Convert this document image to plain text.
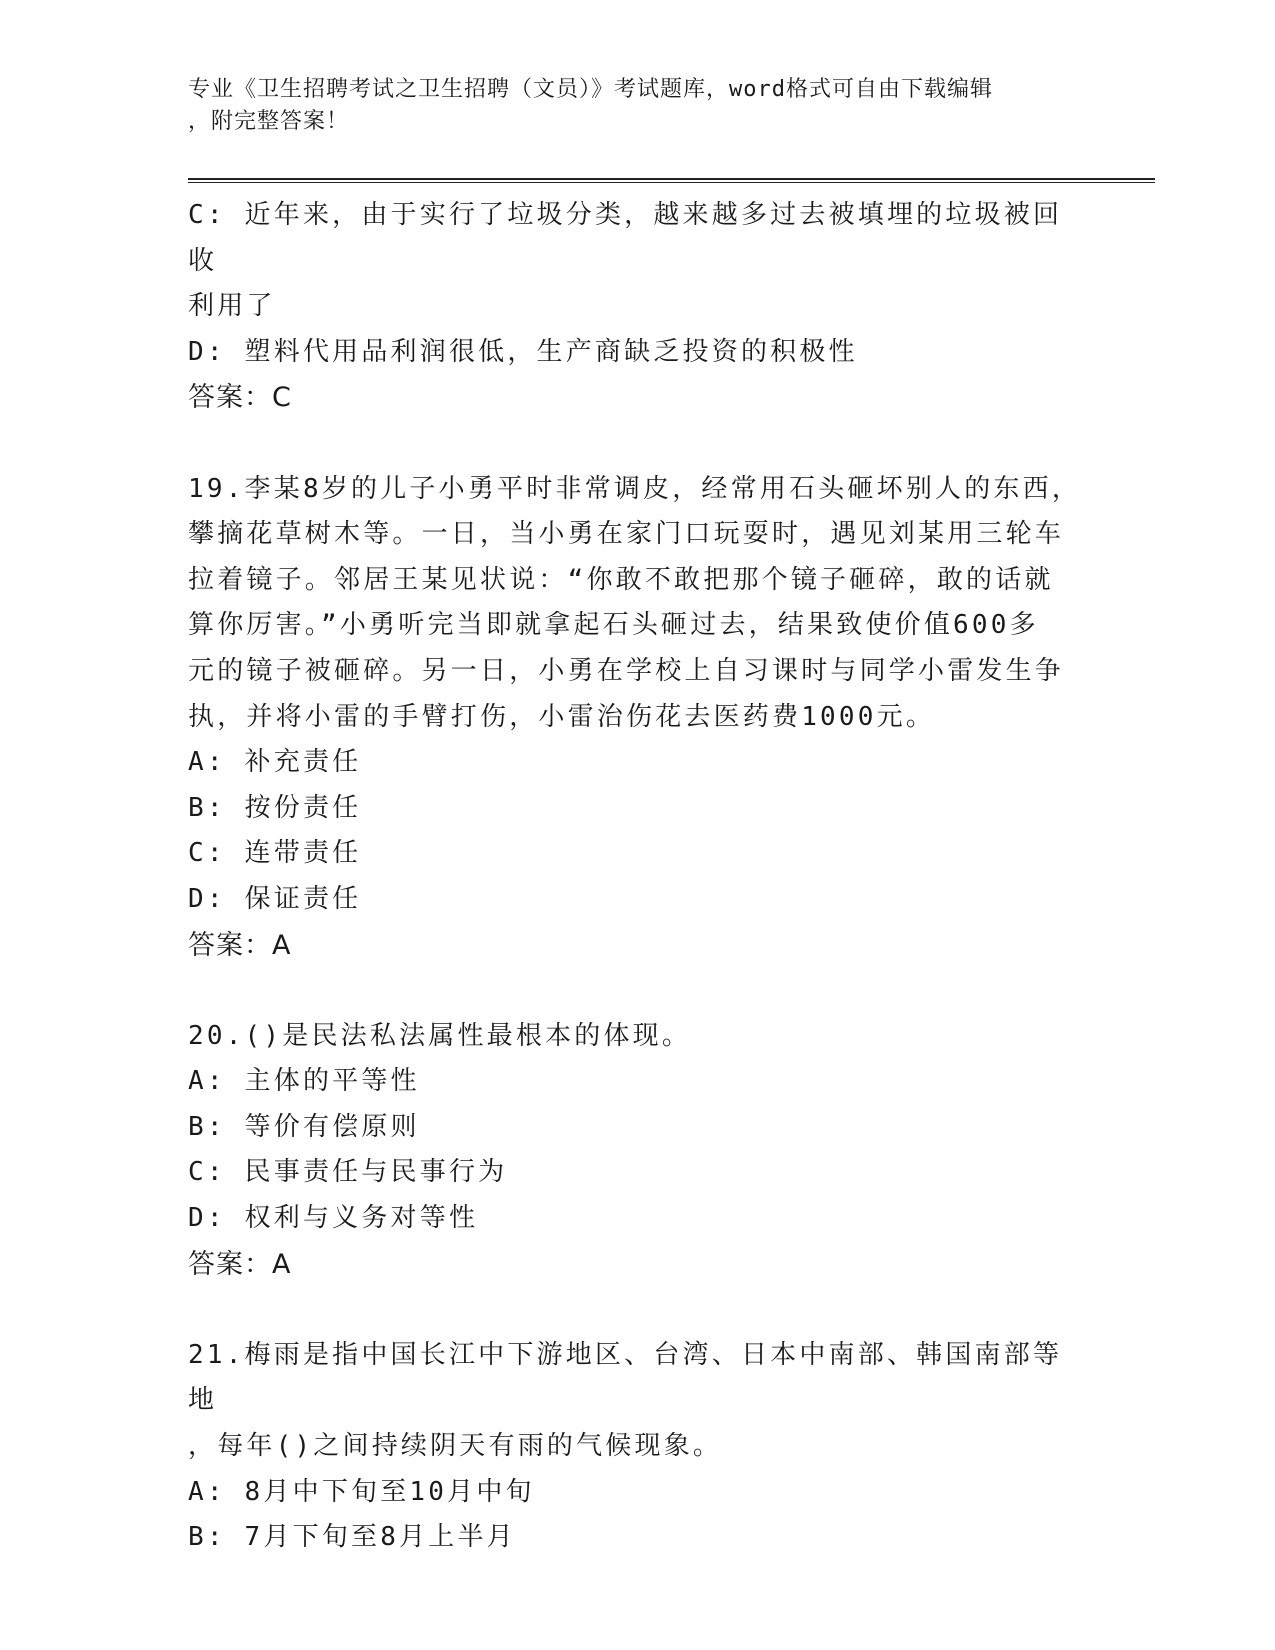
专业《卫生招聘考试之卫生招聘（文员）》考试题库，word格式可自由下载编辑
，附完整答案！
C: 近年来，由于实行了垃圾分类，越来越多过去被填埋的垃圾被回收
利用了
D: 塑料代用品利润很低，生产商缺乏投资的积极性
答案：C
19.李某8岁的儿子小勇平时非常调皮，经常用石头砸坏别人的东西，
攀摘花草树木等。一日，当小勇在家门口玩耍时，遇见刘某用三轮车
拉着镜子。邻居王某见状说：“你敢不敢把那个镜子砸碎，敢的话就
算你厉害。”小勇听完当即就拿起石头砸过去，结果致使价值600多
元的镜子被砸碎。另一日，小勇在学校上自习课时与同学小雷发生争
执，并将小雷的手臂打伤，小雷治伤花去医药费1000元。
A: 补充责任
B: 按份责任
C: 连带责任
D: 保证责任
答案：A
20.()是民法私法属性最根本的体现。
A: 主体的平等性
B: 等价有偿原则
C: 民事责任与民事行为
D: 权利与义务对等性
答案：A
21.梅雨是指中国长江中下游地区、台湾、日本中南部、韩国南部等地
，每年()之间持续阴天有雨的气候现象。
A: 8月中下旬至10月中旬
B: 7月下旬至8月上半月
